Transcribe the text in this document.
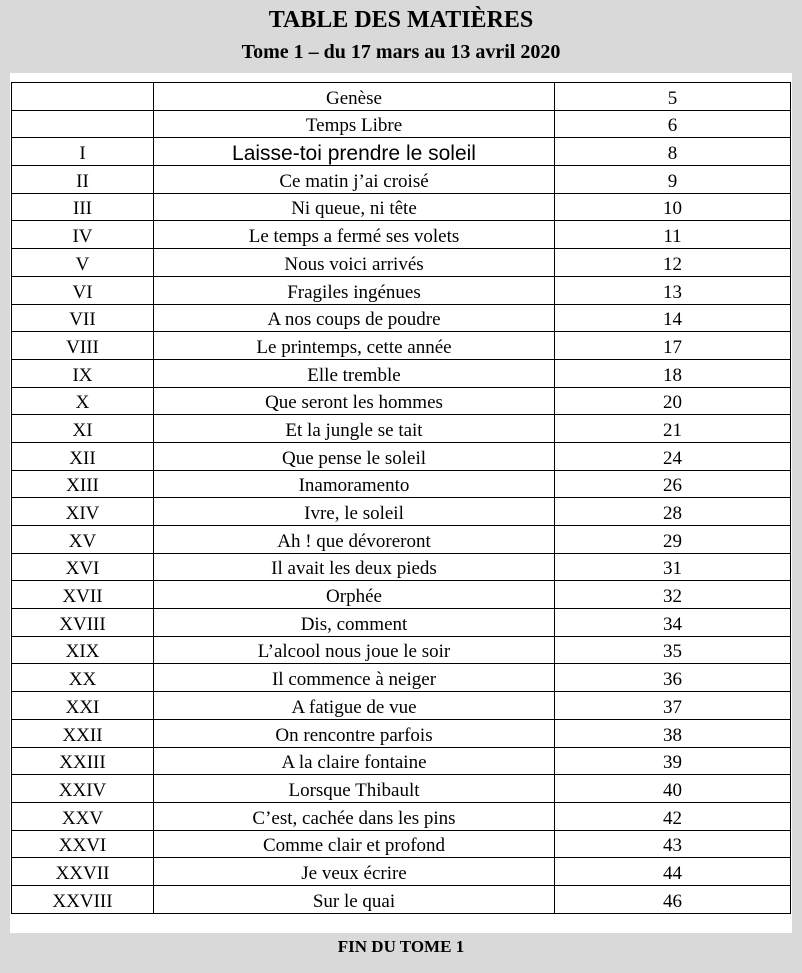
TABLE DES MATIÈRES
Tome 1 – du 17 mars au 13 avril 2020
	Genèse	5
	Temps Libre	6
I	Laisse-toi prendre le soleil	8
II	Ce matin j’ai croisé	9
III	Ni queue, ni tête	10
IV	Le temps a fermé ses volets	11
V	Nous voici arrivés	12
VI	Fragiles ingénues	13
VII	A nos coups de poudre	14
VIII	Le printemps, cette année	17
IX	Elle tremble	18
X	Que seront les hommes	20
XI	Et la jungle se tait	21
XII	Que pense le soleil	24
XIII	Inamoramento	26
XIV	Ivre, le soleil	28
XV	Ah ! que dévoreront	29
XVI	Il avait les deux pieds	31
XVII	Orphée	32
XVIII	Dis, comment	34
XIX	L’alcool nous joue le soir	35
XX	Il commence à neiger	36
XXI	A fatigue de vue	37
XXII	On rencontre parfois	38
XXIII	A la claire fontaine	39
XXIV	Lorsque Thibault	40
XXV	C’est, cachée dans les pins	42
XXVI	Comme clair et profond	43
XXVII	Je veux écrire	44
XXVIII	Sur le quai	46
FIN DU TOME 1
